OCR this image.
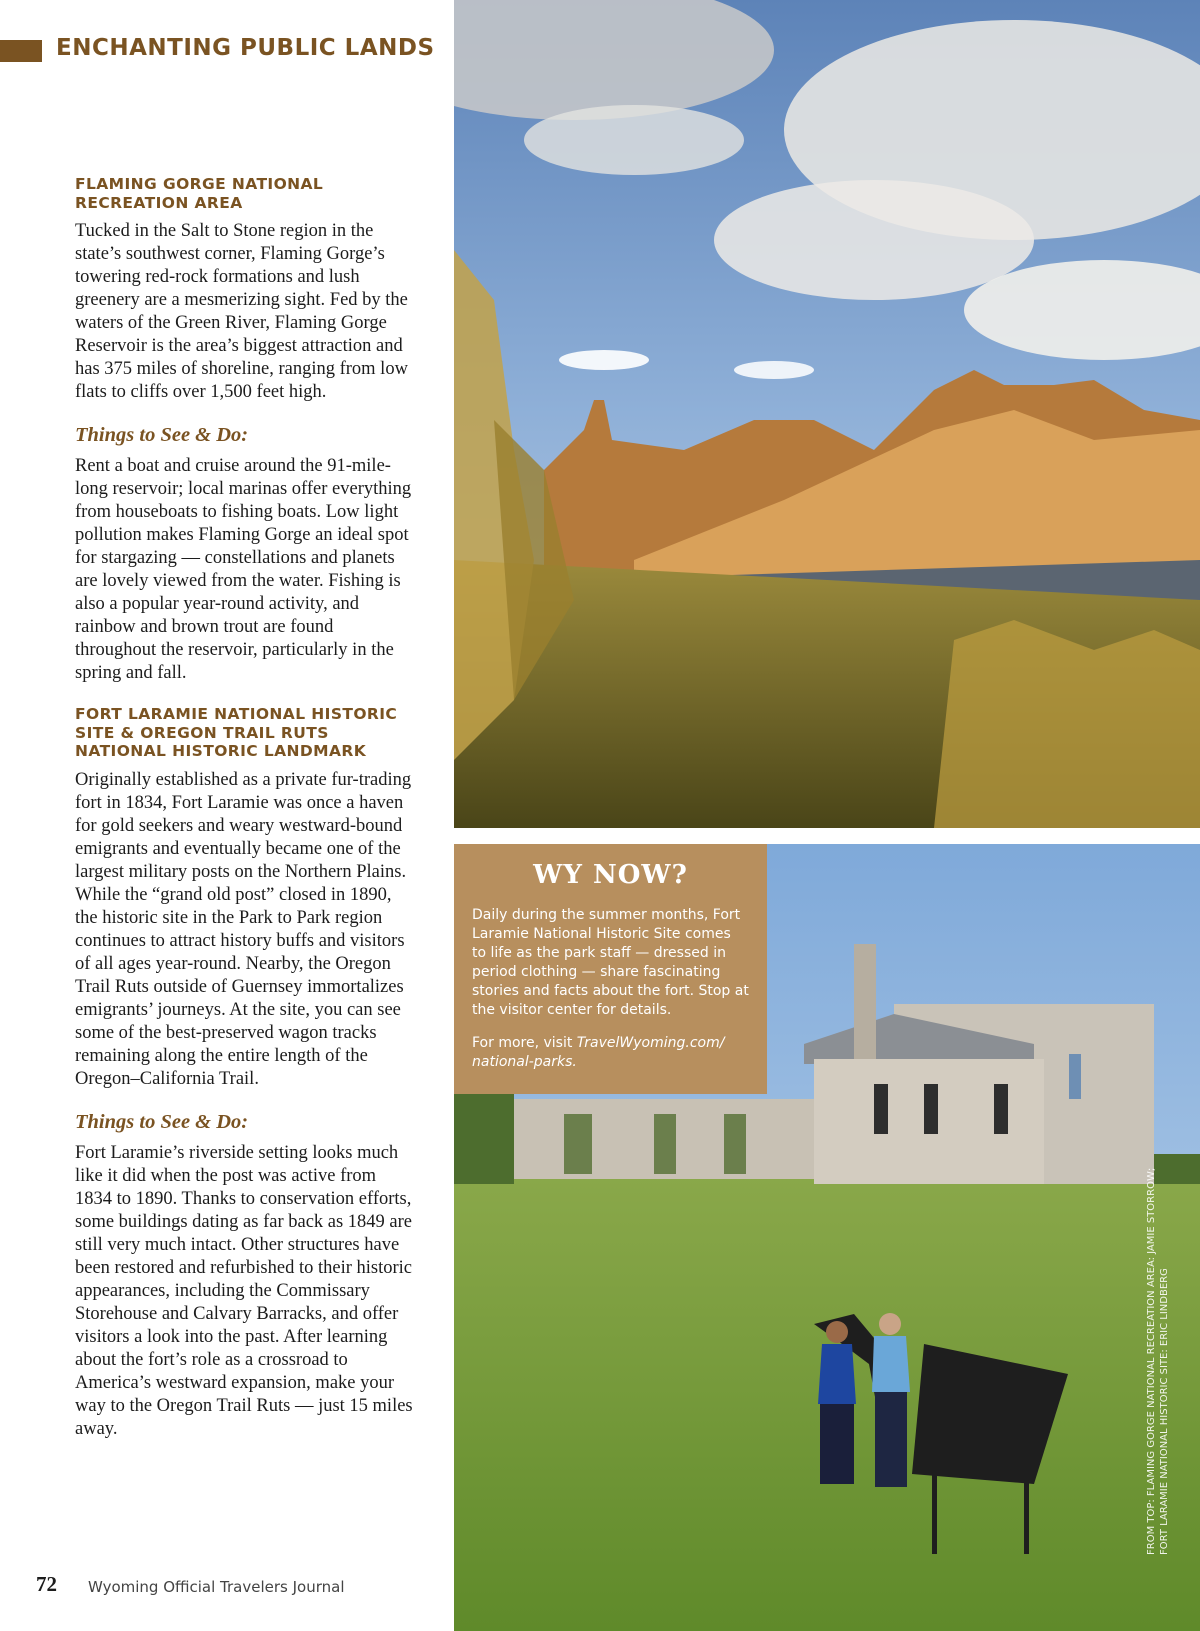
ENCHANTING PUBLIC LANDS
FLAMING GORGE NATIONAL RECREATION AREA

Tucked in the Salt to Stone region in the state’s southwest corner, Flaming Gorge’s towering red-rock formations and lush greenery are a mesmerizing sight. Fed by the waters of the Green River, Flaming Gorge Reservoir is the area’s biggest attraction and has 375 miles of shoreline, ranging from low flats to cliffs over 1,500 feet high.

Things to See & Do:

Rent a boat and cruise around the 91-mile-long reservoir; local marinas offer everything from houseboats to fishing boats. Low light pollution makes Flaming Gorge an ideal spot for stargazing — constellations and planets are lovely viewed from the water. Fishing is also a popular year-round activity, and rainbow and brown trout are found throughout the reservoir, particularly in the spring and fall.

FORT LARAMIE NATIONAL HISTORIC SITE & OREGON TRAIL RUTS NATIONAL HISTORIC LANDMARK

Originally established as a private fur-trading fort in 1834, Fort Laramie was once a haven for gold seekers and weary westward-bound emigrants and eventually became one of the largest military posts on the Northern Plains. While the “grand old post” closed in 1890, the historic site in the Park to Park region continues to attract history buffs and visitors of all ages year-round. Nearby, the Oregon Trail Ruts outside of Guernsey immortalizes emigrants’ journeys. At the site, you can see some of the best-preserved wagon tracks remaining along the entire length of the Oregon–California Trail.

Things to See & Do:

Fort Laramie’s riverside setting looks much like it did when the post was active from 1834 to 1890. Thanks to conservation efforts, some buildings dating as far back as 1849 are still very much intact. Other structures have been restored and refurbished to their historic appearances, including the Commissary Storehouse and Calvary Barracks, and offer visitors a look into the past. After learning about the fort’s role as a crossroad to America’s westward expansion, make your way to the Oregon Trail Ruts — just 15 miles away.

WY NOW?

Daily during the summer months, Fort Laramie National Historic Site comes to life as the park staff — dressed in period clothing — share fascinating stories and facts about the fort. Stop at the visitor center for details.

For more, visit TravelWyoming.com/ national-parks.

FROM TOP: FLAMING GORGE NATIONAL RECREATION AREA: JAMIE STORROW; FORT LARAMIE NATIONAL HISTORIC SITE: ERIC LINDBERG
72 Wyoming Official Travelers Journal
